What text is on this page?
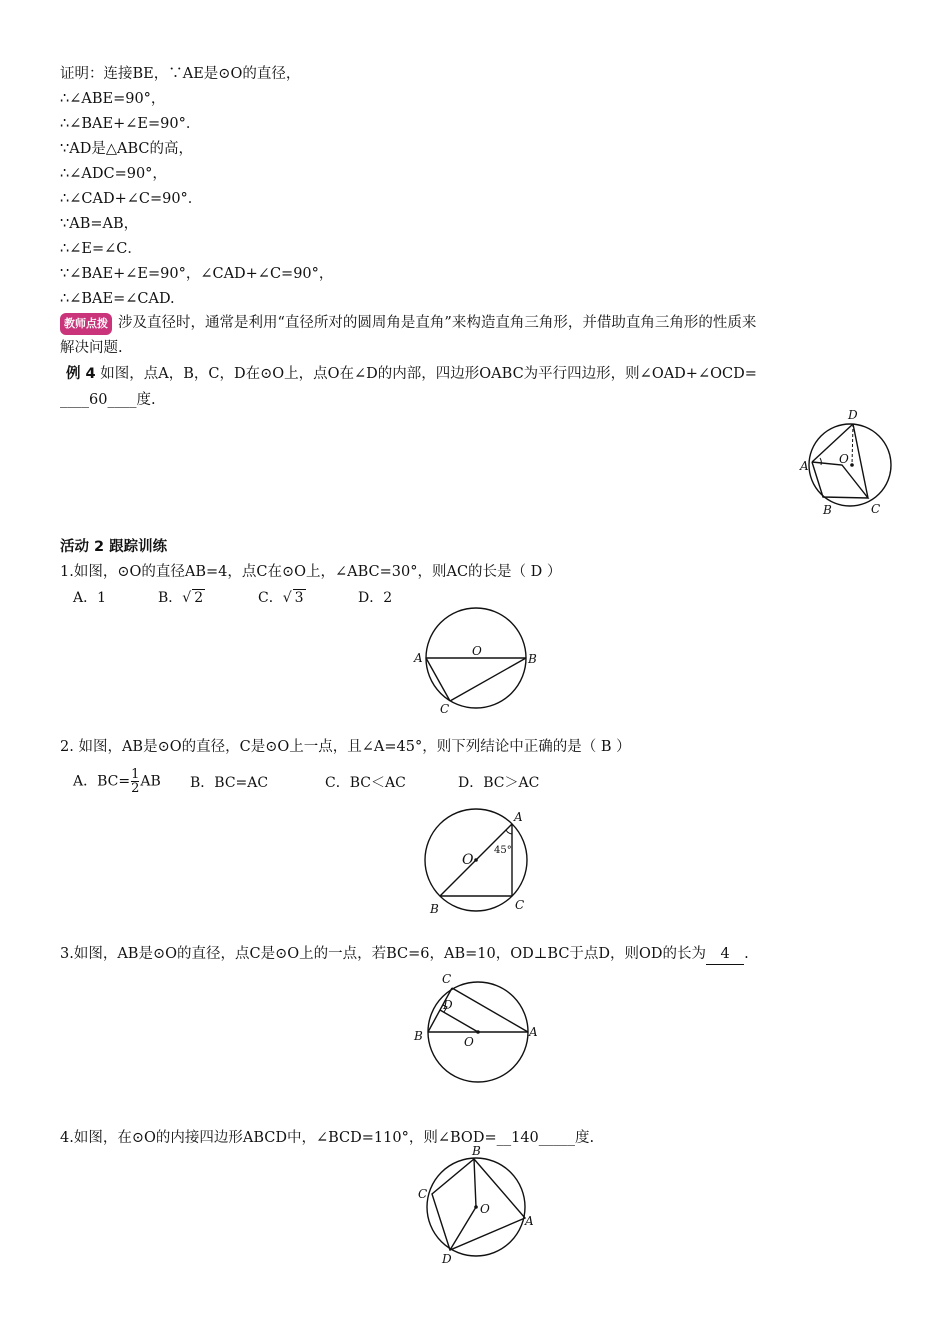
证明：连接BE，∵AE是⊙O的直径，
∴∠ABE=90°，
∴∠BAE+∠E=90°．
∵AD是△ABC的高，
∴∠ADC=90°，
∴∠CAD+∠C=90°．
∵AB=AB，
∴∠E=∠C．
∵∠BAE+∠E=90°，∠CAD+∠C=90°，
∴∠BAE=∠CAD.
教师点拨 涉及直径时，通常是利用“直径所对的圆周角是直角”来构造直角三角形，并借助直角三角形的性质来
解决问题.
例 4 如图，点A，B，C，D在⊙O上，点O在∠D的内部，四边形OABC为平行四边形，则∠OAD+∠OCD=
____60____度.
D
O
A
B	C
活动 2 跟踪训练
1.如图，⊙O的直径AB=4，点C在⊙O上，∠ABC=30°，则AC的长是（ D ）
A．1	B．√ 2	C．√ 3	D．2
A	O
B
C
2. 如图，AB是⊙O的直径，C是⊙O上一点，且∠A=45°，则下列结论中正确的是（ B ）
A．$BC= \frac{1}{2}$ AB B．BC=AC	C．BC＜AC	D．BC＞AC
A
O
45°
B	C
3.如图，AB是⊙O的直径，点C是⊙O上的一点，若BC=6，AB=10，OD⊥BC于点D，则OD的长为 4 .
C
D
B	O
A
4.如图，在⊙O的内接四边形ABCD中，∠BCD=110°，则∠BOD=__140_____度.
B
C
O
A
D
